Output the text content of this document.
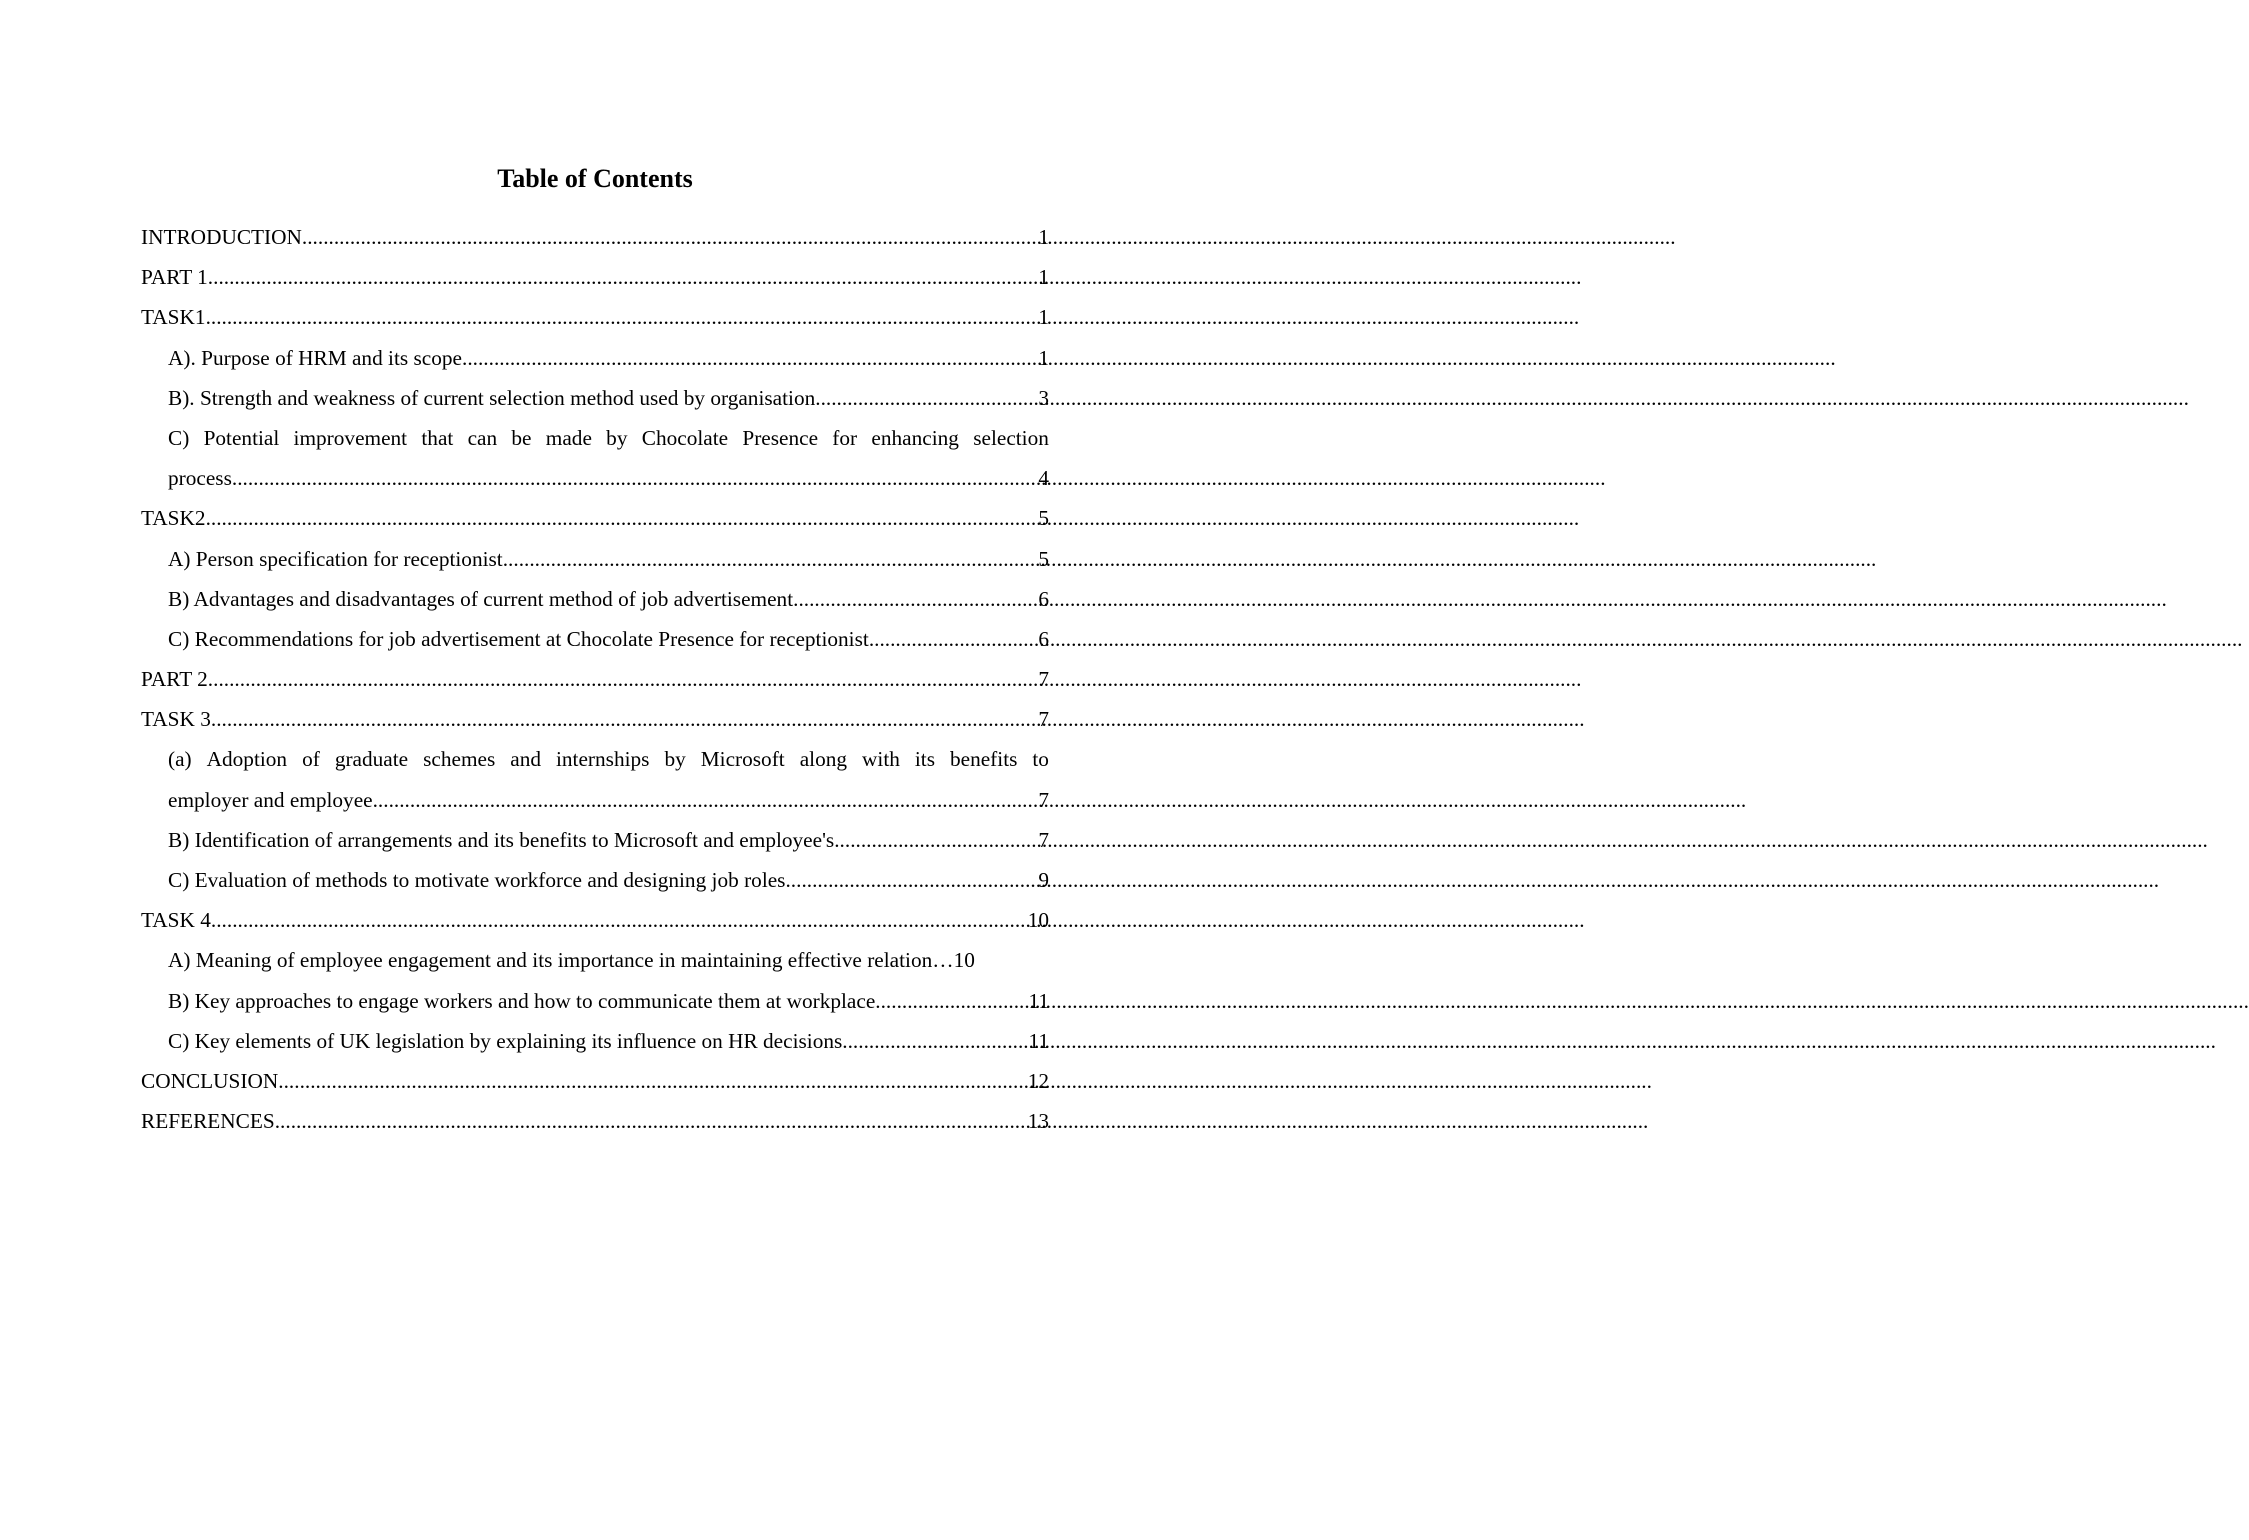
Table of Contents
INTRODUCTION .....	1
PART 1 .....	1
TASK1 .....	1
A). Purpose of HRM and its scope .....	1
B). Strength and weakness of current selection method used by organisation .....	3
C) Potential improvement that can be made by Chocolate Presence for enhancing selection
process .....	4
TASK2 .....	5
A) Person specification for receptionist .....	5
B) Advantages and disadvantages of current method of job advertisement .....	6
C) Recommendations for job advertisement at Chocolate Presence for receptionist .....	6
PART 2 .....	7
TASK 3 .....	7
(a) Adoption of graduate schemes and internships by Microsoft along with its benefits to
employer and employee .....	7
B) Identification of arrangements and its benefits to Microsoft and employee's .....	7
C) Evaluation of methods to motivate workforce and designing job roles .....	9
TASK 4 .....	10
A) Meaning of employee engagement and its importance in maintaining effective relation … 10
B) Key approaches to engage workers and how to communicate them at workplace .....	11
C) Key elements of UK legislation by explaining its influence on HR decisions .....	11
CONCLUSION .....	12
REFERENCES .....	13
